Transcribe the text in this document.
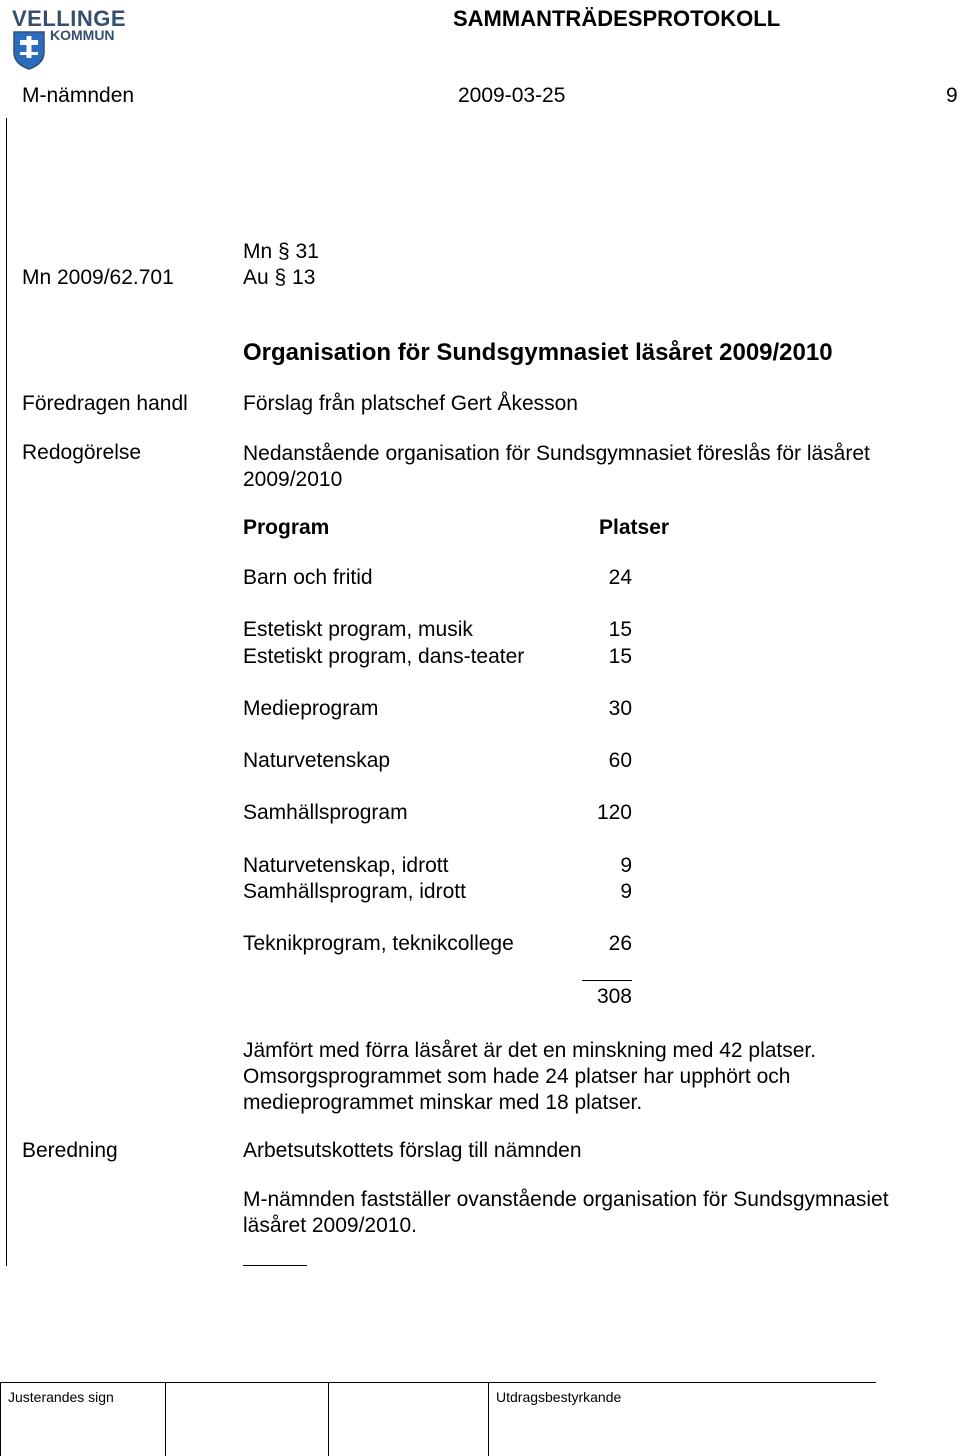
VELLINGE
KOMMUN
SAMMANTRÄDESPROTOKOLL
M-nämnden	2009-03-25	9
Mn § 31
Mn 2009/62.701	Au § 13
Organisation för Sundsgymnasiet läsåret 2009/2010
Föredragen handl	Förslag från platschef Gert Åkesson
Redogörelse	Nedanstående organisation för Sundsgymnasiet föreslås för läsåret 2009/2010
Program	Platser
Barn och fritid	24
Estetiskt program, musik	15
Estetiskt program, dans-teater	15
Medieprogram	30
Naturvetenskap	60
Samhällsprogram	120
Naturvetenskap, idrott	9
Samhällsprogram, idrott	9
Teknikprogram, teknikcollege	26
308
Jämfört med förra läsåret är det en minskning med 42 platser. Omsorgsprogrammet som hade 24 platser har upphört och medieprogrammet minskar med 18 platser.
Beredning	Arbetsutskottets förslag till nämnden
M-nämnden fastställer ovanstående organisation för Sundsgymnasiet läsåret 2009/2010.
Justerandes sign	Utdragsbestyrkande
